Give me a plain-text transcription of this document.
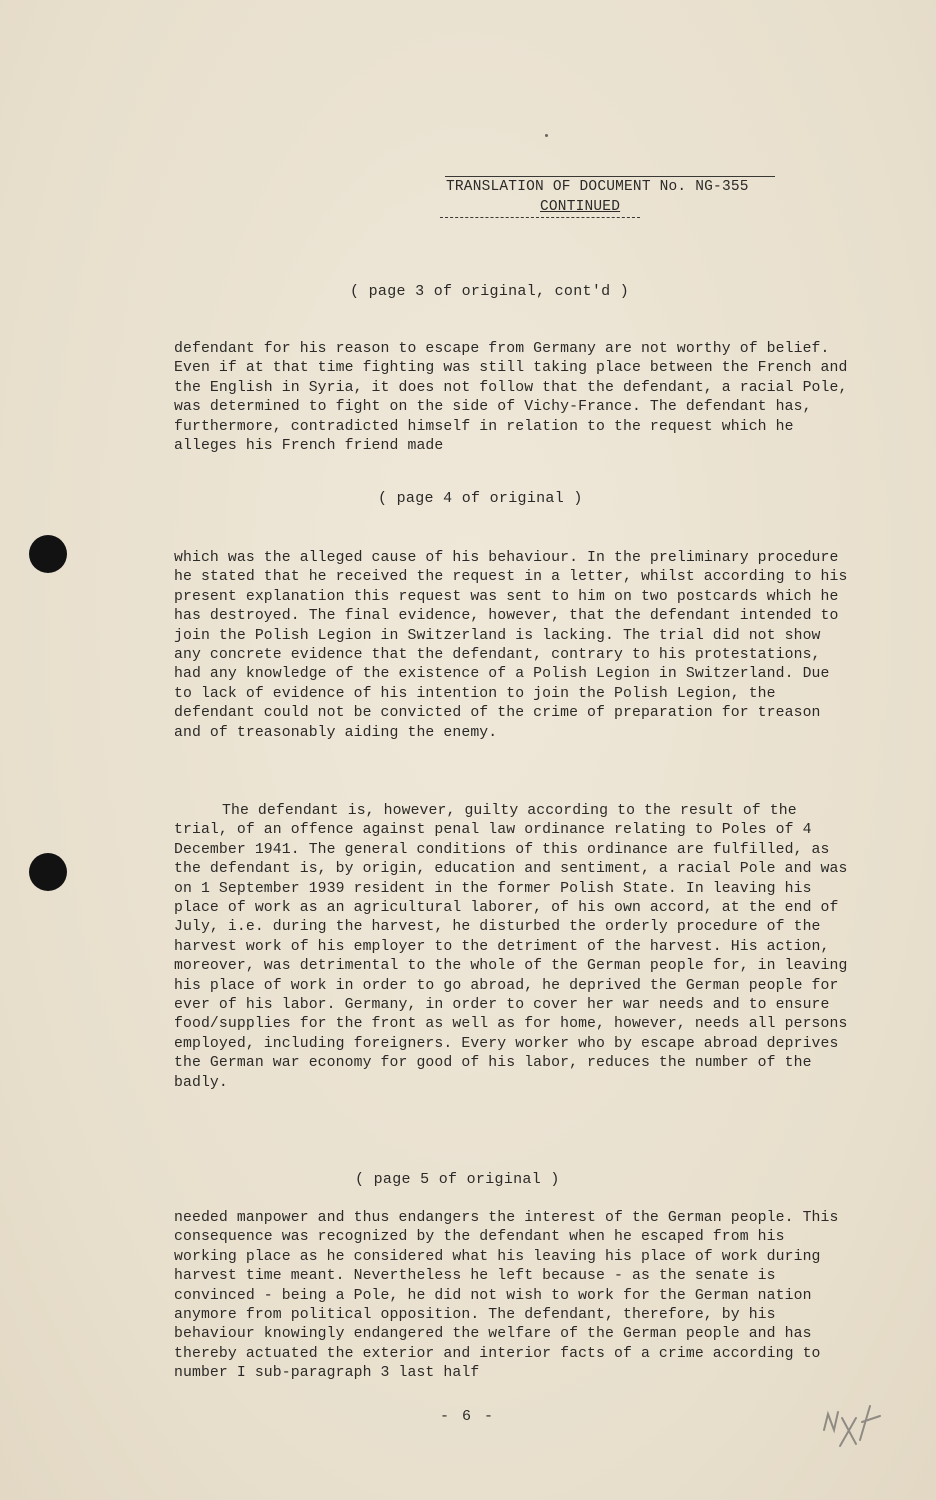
TRANSLATION OF DOCUMENT No. NG-355
CONTINUED
( page 3 of original, cont'd )

defendant for his reason to escape from Germany are not worthy of belief. Even if at that time fighting was still taking place between the French and the English in Syria, it does not follow that the defendant, a racial Pole, was determined to fight on the side of Vichy-France. The defendant has, furthermore, contradicted himself in relation to the request which he alleges his French friend made

( page 4 of original )

which was the alleged cause of his behaviour. In the preliminary procedure he stated that he received the request in a letter, whilst according to his present explanation this request was sent to him on two postcards which he has destroyed. The final evidence, however, that the defendant intended to join the Polish Legion in Switzerland is lacking. The trial did not show any concrete evidence that the defendant, contrary to his protestations, had any knowledge of the existence of a Polish Legion in Switzerland. Due to lack of evidence of his intention to join the Polish Legion, the defendant could not be convicted of the crime of preparation for treason and of treasonably aiding the enemy.

The defendant is, however, guilty according to the result of the trial, of an offence against penal law ordinance relating to Poles of 4 December 1941. The general conditions of this ordinance are fulfilled, as the defendant is, by origin, education and sentiment, a racial Pole and was on 1 September 1939 resident in the former Polish State. In leaving his place of work as an agricultural laborer, of his own accord, at the end of July, i.e. during the harvest, he disturbed the orderly procedure of the harvest work of his employer to the detriment of the harvest. His action, moreover, was detrimental to the whole of the German people for, in leaving his place of work in order to go abroad, he deprived the German people for ever of his labor. Germany, in order to cover her war needs and to ensure food/supplies for the front as well as for home, however, needs all persons employed, including foreigners. Every worker who by escape abroad deprives the German war economy for good of his labor, reduces the number of the badly.

( page 5 of original )

needed manpower and thus endangers the interest of the German people. This consequence was recognized by the defendant when he escaped from his working place as he considered what his leaving his place of work during harvest time meant. Nevertheless he left because - as the senate is convinced - being a Pole, he did not wish to work for the German nation anymore from political opposition. The defendant, therefore, by his behaviour knowingly endangered the welfare of the German people and has thereby actuated the exterior and interior facts of a crime according to number I sub-paragraph 3 last half

- 6 -
